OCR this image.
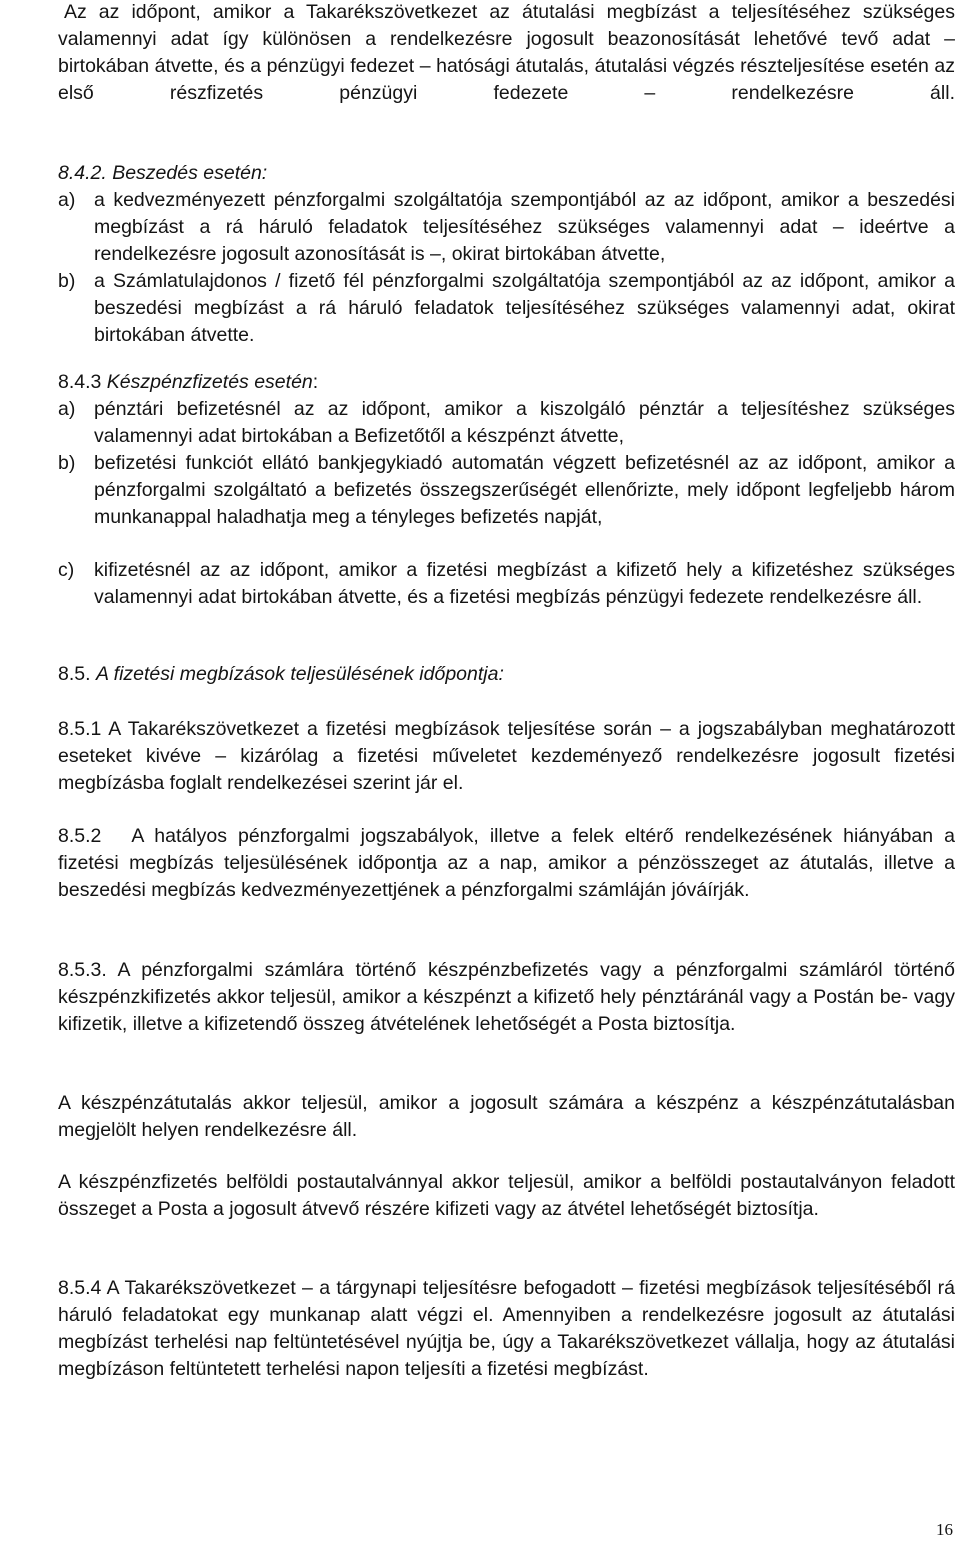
Az az időpont, amikor a Takarékszövetkezet az átutalási megbízást a teljesítéséhez szükséges valamennyi adat így különösen a rendelkezésre jogosult beazonosítását lehetővé tevő adat – birtokában átvette, és a pénzügyi fedezet – hatósági átutalás, átutalási végzés részteljesítése esetén az első részfizetés pénzügyi fedezete – rendelkezésre áll.
8.4.2. Beszedés esetén:
a) a kedvezményezett pénzforgalmi szolgáltatója szempontjából az az időpont, amikor a beszedési megbízást a rá háruló feladatok teljesítéséhez szükséges valamennyi adat – ideértve a rendelkezésre jogosult azonosítását is –, okirat birtokában átvette,
b) a Számlatulajdonos / fizető fél pénzforgalmi szolgáltatója szempontjából az az időpont, amikor a beszedési megbízást a rá háruló feladatok teljesítéséhez szükséges valamennyi adat, okirat birtokában átvette.
8.4.3 Készpénzfizetés esetén:
a) pénztári befizetésnél az az időpont, amikor a kiszolgáló pénztár a teljesítéshez szükséges valamennyi adat birtokában a Befizetőtől a készpénzt átvette,
b) befizetési funkciót ellátó bankjegykiadó automatán végzett befizetésnél az az időpont, amikor a pénzforgalmi szolgáltató a befizetés összegszerűségét ellenőrizte, mely időpont legfeljebb három munkanappal haladhatja meg a tényleges befizetés napját,
c) kifizetésnél az az időpont, amikor a fizetési megbízást a kifizető hely a kifizetéshez szükséges valamennyi adat birtokában átvette, és a fizetési megbízás pénzügyi fedezete rendelkezésre áll.
8.5. A fizetési megbízások teljesülésének időpontja:
8.5.1 A Takarékszövetkezet a fizetési megbízások teljesítése során – a jogszabályban meghatározott eseteket kivéve – kizárólag a fizetési műveletet kezdeményező rendelkezésre jogosult fizetési megbízásba foglalt rendelkezései szerint jár el.
8.5.2 A hatályos pénzforgalmi jogszabályok, illetve a felek eltérő rendelkezésének hiányában a fizetési megbízás teljesülésének időpontja az a nap, amikor a pénzösszeget az átutalás, illetve a beszedési megbízás kedvezményezettjének a pénzforgalmi számláján jóváírják.
8.5.3. A pénzforgalmi számlára történő készpénzbefizetés vagy a pénzforgalmi számláról történő készpénzkifizetés akkor teljesül, amikor a készpénzt a kifizető hely pénztáránál vagy a Postán be- vagy kifizetik, illetve a kifizetendő összeg átvételének lehetőségét a Posta biztosítja.
A készpénzátutalás akkor teljesül, amikor a jogosult számára a készpénz a készpénzátutalásban megjelölt helyen rendelkezésre áll.
A készpénzfizetés belföldi postautalvánnyal akkor teljesül, amikor a belföldi postautalványon feladott összeget a Posta a jogosult átvevő részére kifizeti vagy az átvétel lehetőségét biztosítja.
8.5.4 A Takarékszövetkezet – a tárgynapi teljesítésre befogadott – fizetési megbízások teljesítéséből rá háruló feladatokat egy munkanap alatt végzi el. Amennyiben a rendelkezésre jogosult az átutalási megbízást terhelési nap feltüntetésével nyújtja be, úgy a Takarékszövetkezet vállalja, hogy az átutalási megbízáson feltüntetett terhelési napon teljesíti a fizetési megbízást.
16
